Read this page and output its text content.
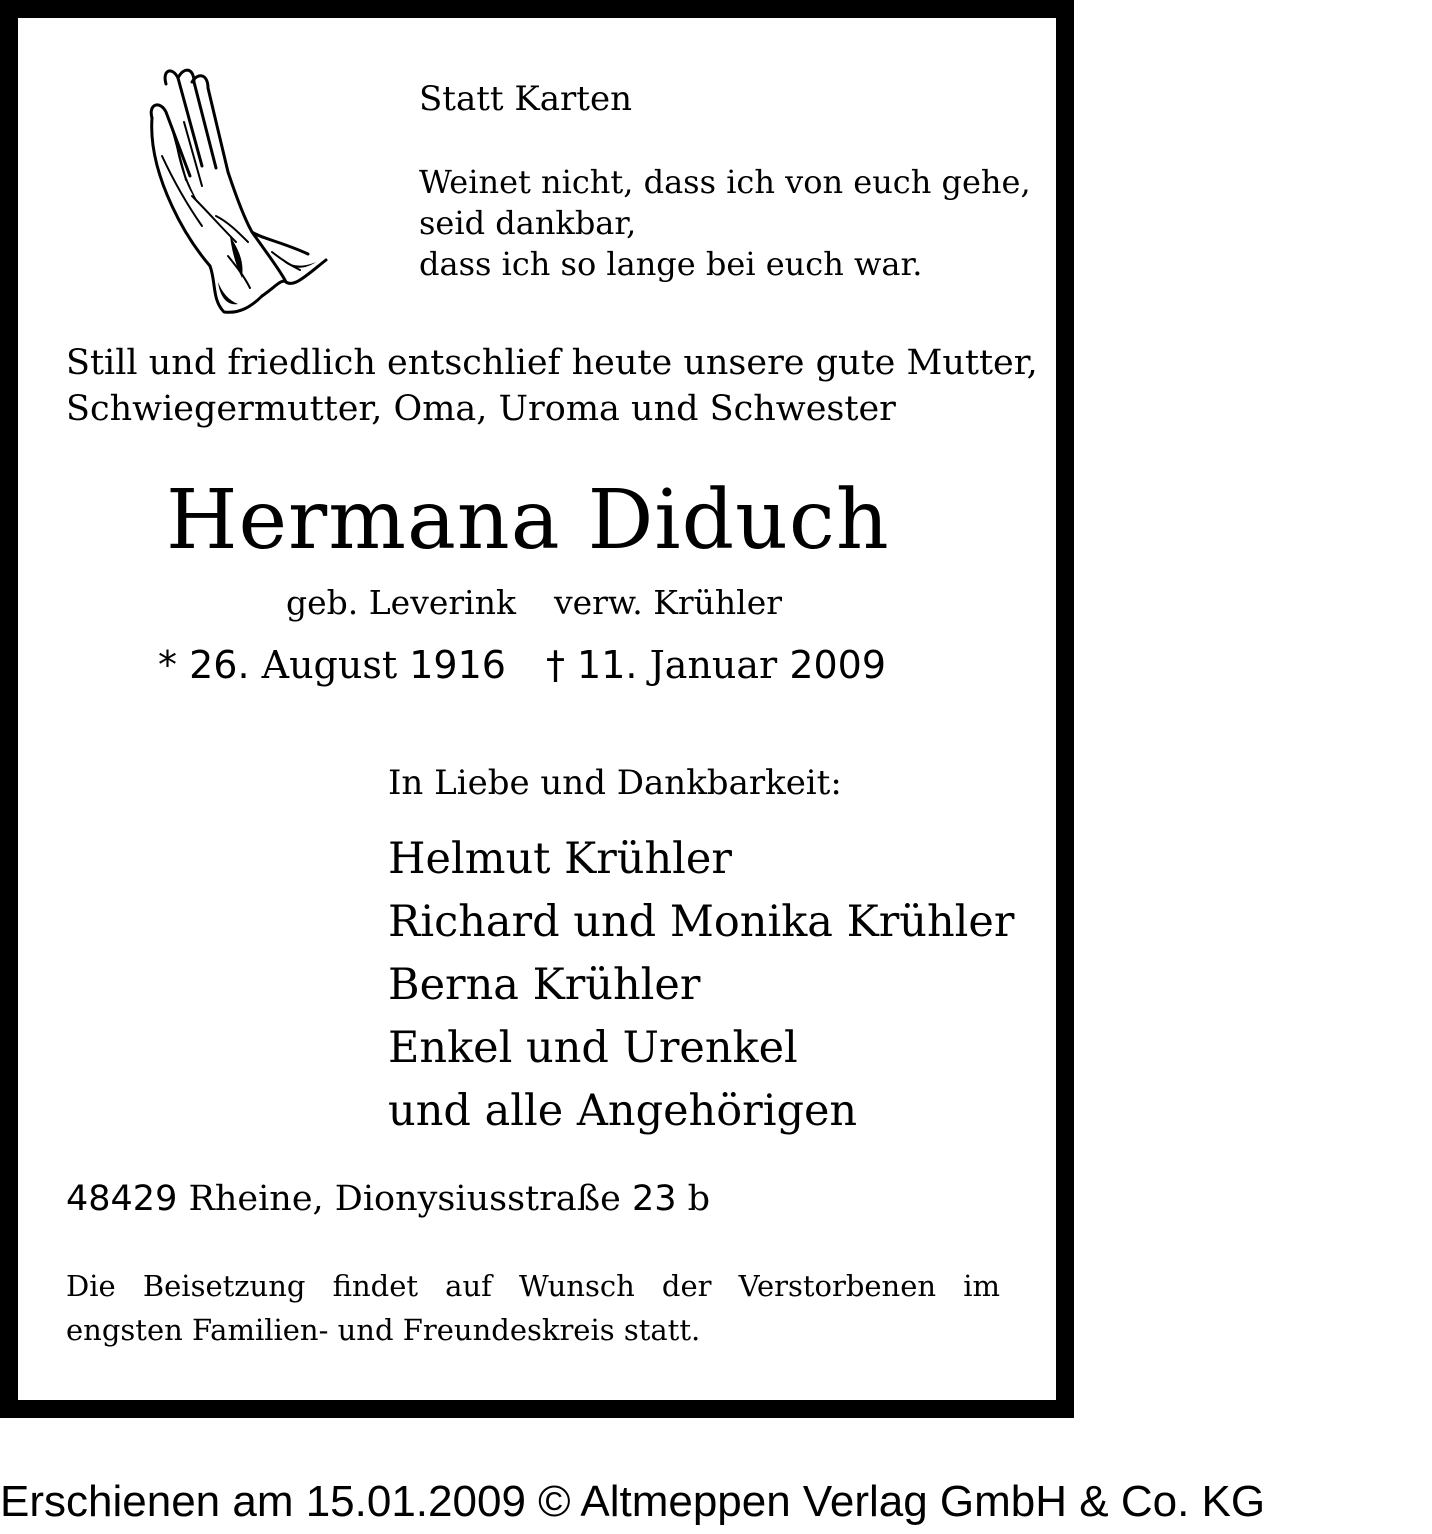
Statt Karten
Weinet nicht, dass ich von euch gehe,
seid dankbar,
dass ich so lange bei euch war.
Still und friedlich entschlief heute unsere gute Mutter,
Schwiegermutter, Oma, Uroma und Schwester
Hermana Diduch
geb. Leverink verw. Krühler
* 26. August 1916 † 11. Januar 2009
In Liebe und Dankbarkeit:
Helmut Krühler
Richard und Monika Krühler
Berna Krühler
Enkel und Urenkel
und alle Angehörigen
48429 Rheine, Dionysiusstraße 23 b
Die Beisetzung findet auf Wunsch der Verstorbenen im
engsten Familien- und Freundeskreis statt.
Erschienen am 15.01.2009 © Altmeppen Verlag GmbH & Co. KG
